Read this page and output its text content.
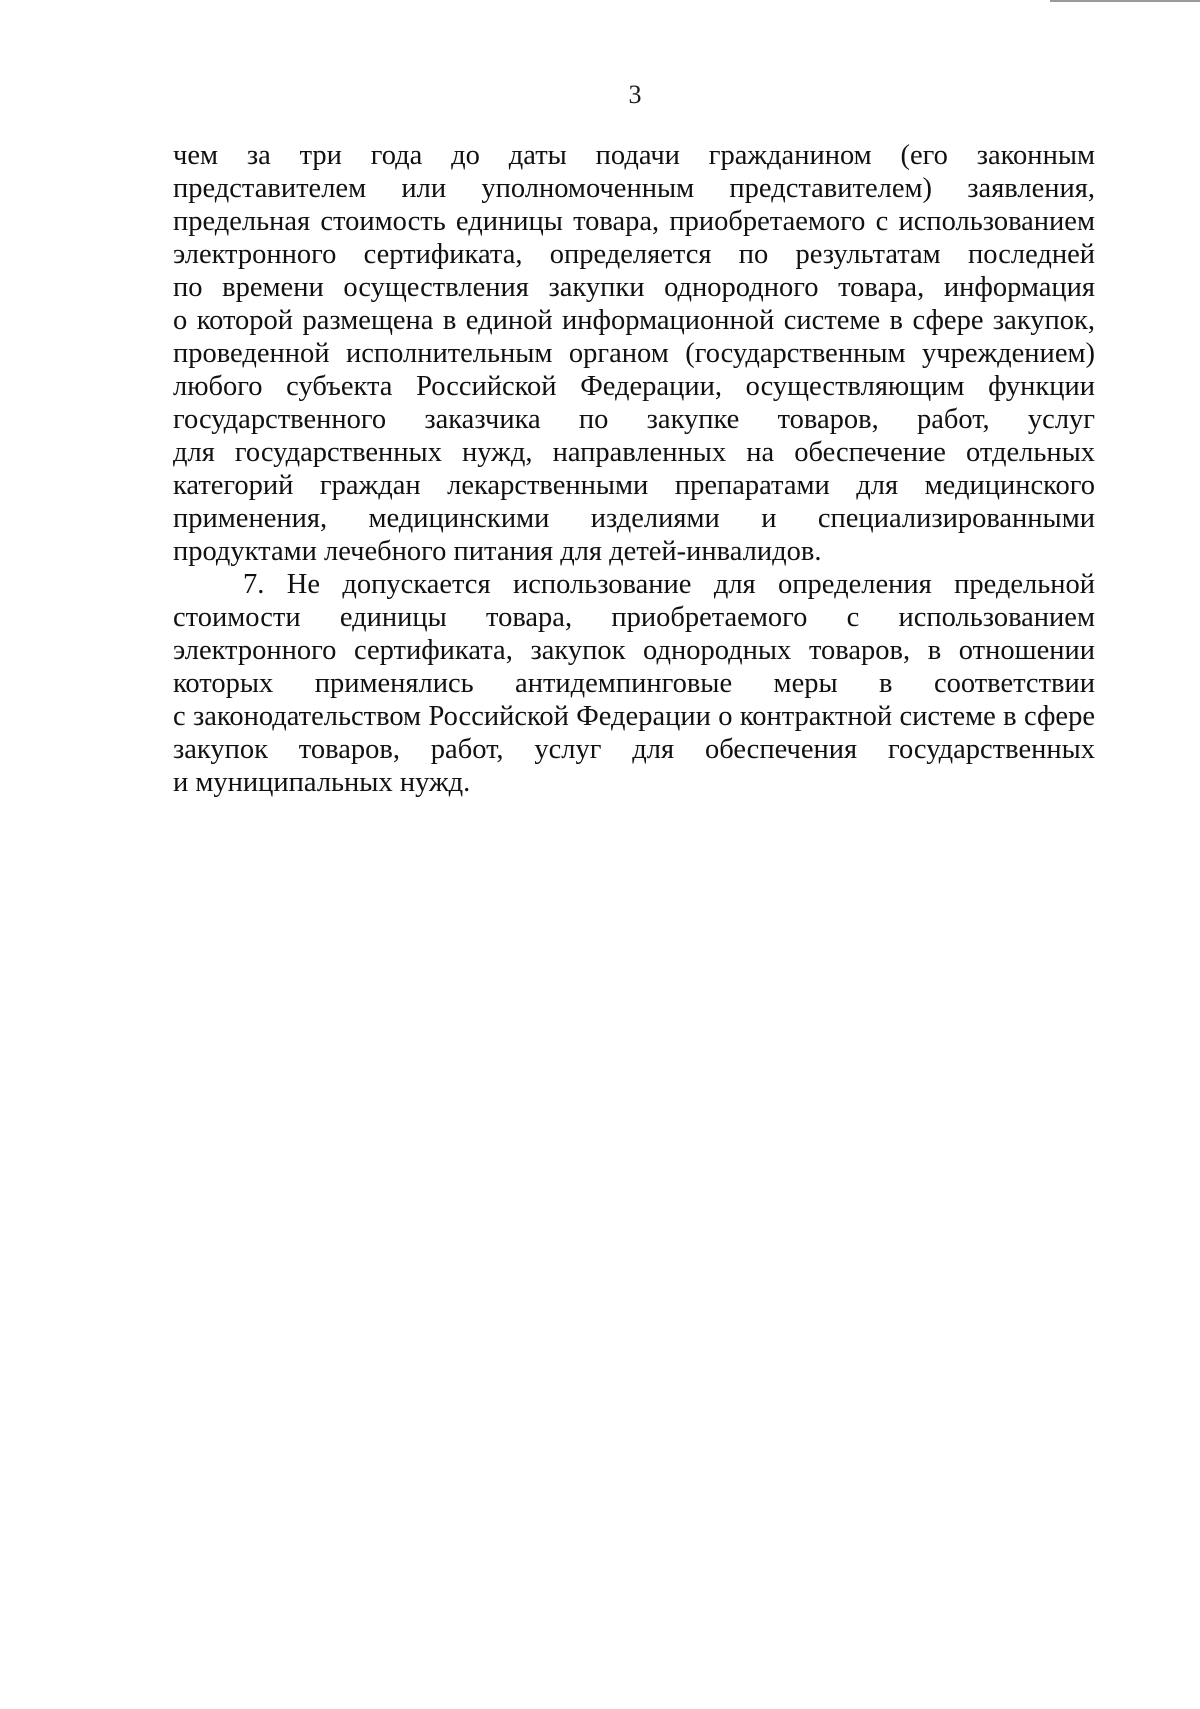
3
чем за три года до даты подачи гражданином (его законным
представителем или уполномоченным представителем) заявления,
предельная стоимость единицы товара, приобретаемого с использованием
электронного сертификата, определяется по результатам последней
по времени осуществления закупки однородного товара, информация
о которой размещена в единой информационной системе в сфере закупок,
проведенной исполнительным органом (государственным учреждением)
любого субъекта Российской Федерации, осуществляющим функции
государственного заказчика по закупке товаров, работ, услуг
для государственных нужд, направленных на обеспечение отдельных
категорий граждан лекарственными препаратами для медицинского
применения, медицинскими изделиями и специализированными
продуктами лечебного питания для детей-инвалидов.
7. Не допускается использование для определения предельной
стоимости единицы товара, приобретаемого с использованием
электронного сертификата, закупок однородных товаров, в отношении
которых применялись антидемпинговые меры в соответствии
с законодательством Российской Федерации о контрактной системе в сфере
закупок товаров, работ, услуг для обеспечения государственных
и муниципальных нужд.
